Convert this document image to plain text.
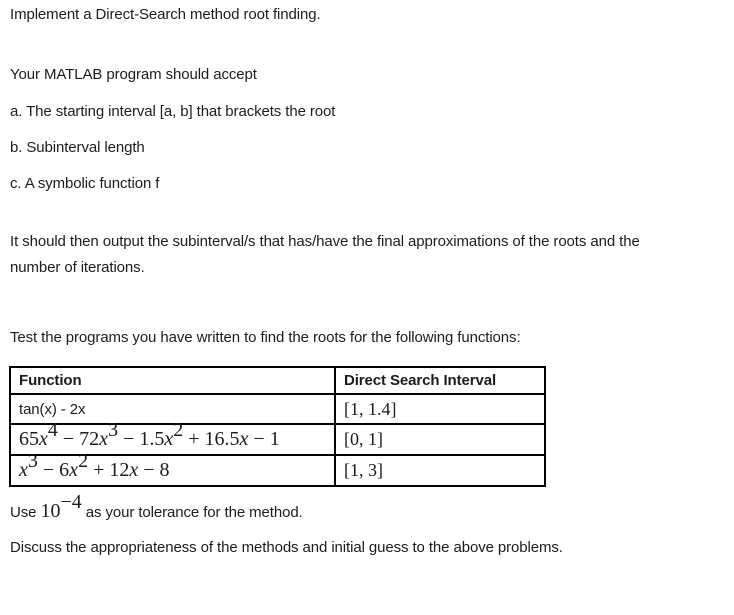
Implement a Direct-Search method root finding.

Your MATLAB program should accept

a. The starting interval [a, b] that brackets the root

b. Subinterval length

c. A symbolic function f

It should then output the subinterval/s that has/have the final approximations of the roots and the

number of iterations.

Test the programs you have written to find the roots for the following functions:

Function	Direct Search Interval
tan(x) - 2x	[1, 1.4]
$65x^4 - 72x^3 - 1.5x^2 + 16.5x - 1$	[0, 1]
$x^3 - 6x^2 + 12x - 8$	[1, 3]

Use $10^{-4}$ as your tolerance for the method.

Discuss the appropriateness of the methods and initial guess to the above problems.
